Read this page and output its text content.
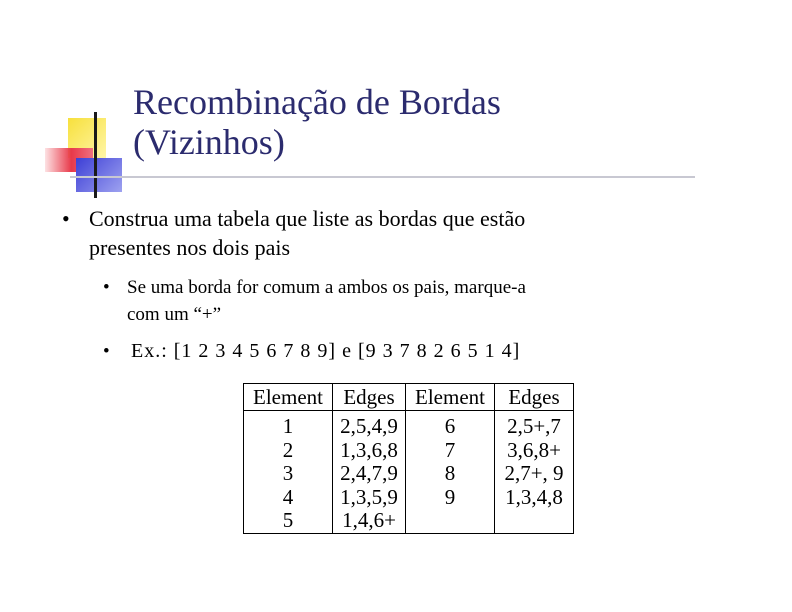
Recombinação de Bordas
(Vizinhos)
• Construa uma tabela que liste as bordas que estão
presentes nos dois pais
• Se uma borda for comum a ambos os pais, marque-a
com um “+”
• Ex.: [1 2 3 4 5 6 7 8 9] e [9 3 7 8 2 6 5 1 4]
Element	Edges	Element	Edges
1	2,5,4,9	6	2,5+,7
2	1,3,6,8	7	3,6,8+
3	2,4,7,9	8	2,7+, 9
4	1,3,5,9	9	1,3,4,8
5	1,4,6+		
